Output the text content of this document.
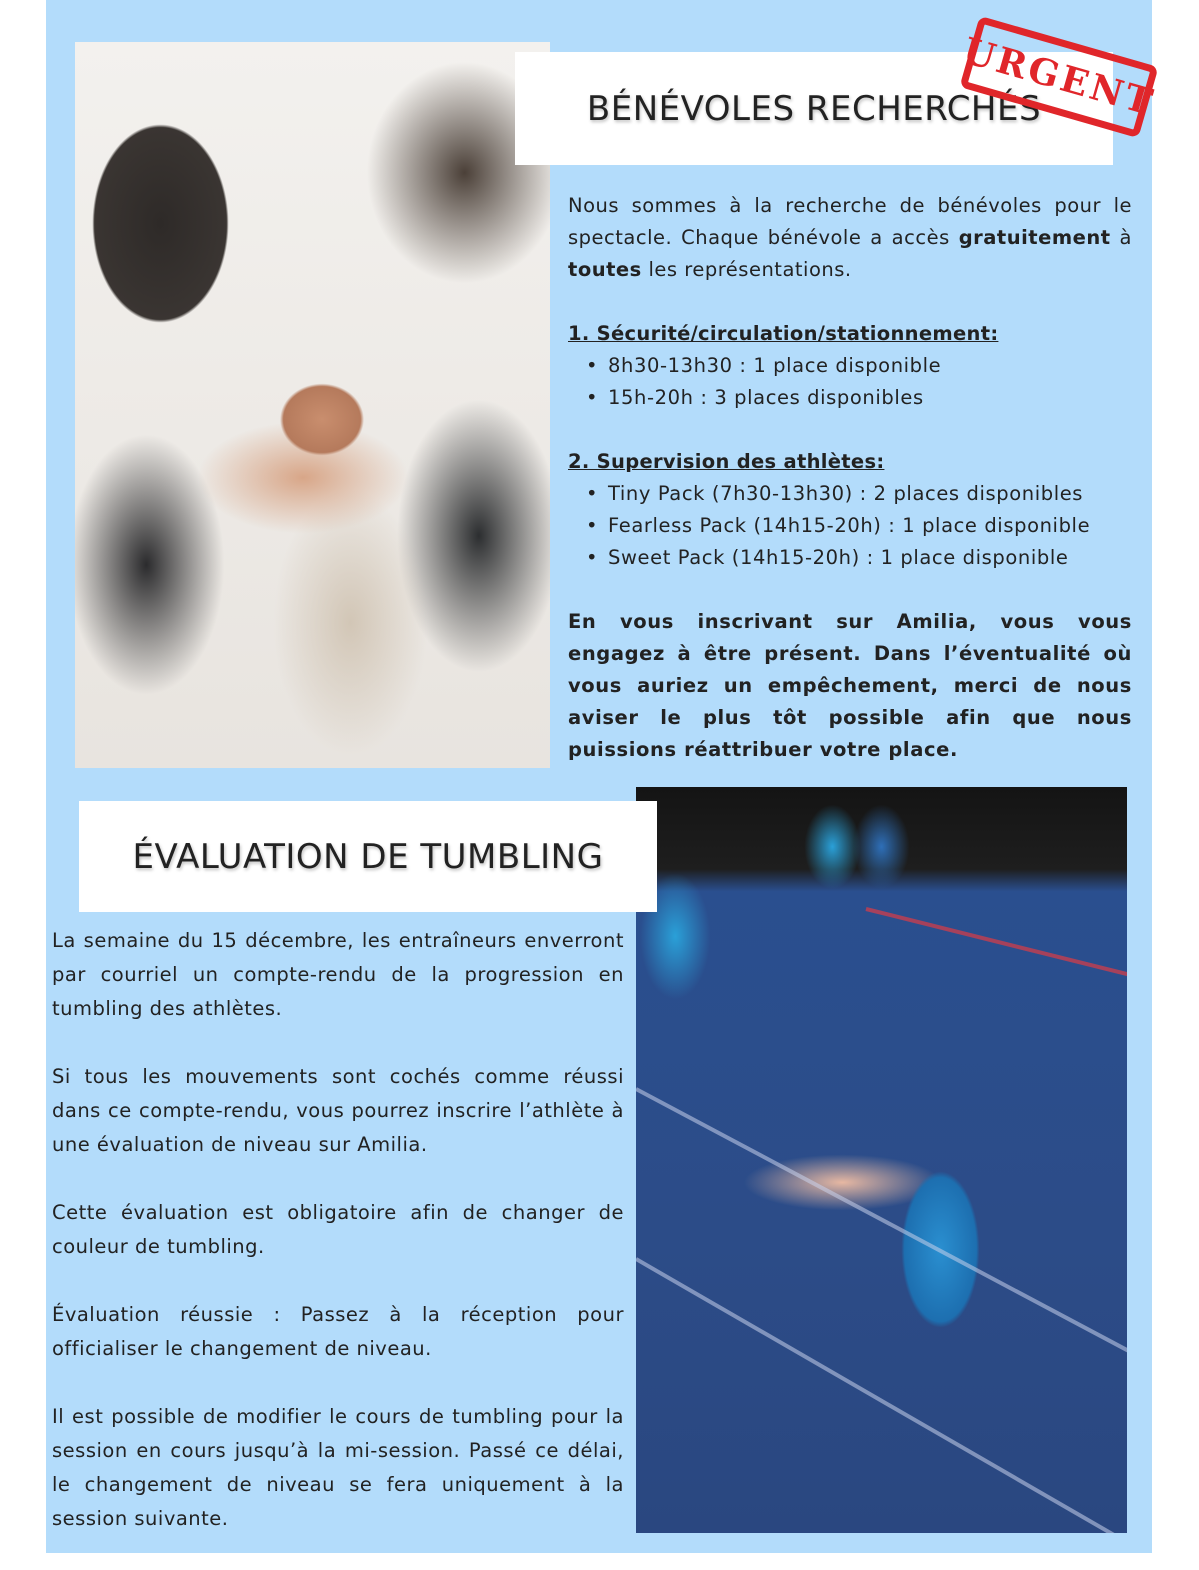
BÉNÉVOLES RECHERCHÉS
URGENT

Nous sommes à la recherche de bénévoles pour le spectacle. Chaque bénévole a accès gratuitement à toutes les représentations.

1. Sécurité/circulation/stationnement:
• 8h30-13h30 : 1 place disponible
• 15h-20h : 3 places disponibles
2. Supervision des athlètes:
• Tiny Pack (7h30-13h30) : 2 places disponibles
• Fearless Pack (14h15-20h) : 1 place disponible
• Sweet Pack (14h15-20h) : 1 place disponible

En vous inscrivant sur Amilia, vous vous engagez à être présent. Dans l’éventualité où vous auriez un empêchement, merci de nous aviser le plus tôt possible afin que nous puissions réattribuer votre place.

ÉVALUATION DE TUMBLING

La semaine du 15 décembre, les entraîneurs enverront par courriel un compte-rendu de la progression en tumbling des athlètes.

Si tous les mouvements sont cochés comme réussi dans ce compte-rendu, vous pourrez inscrire l’athlète à une évaluation de niveau sur Amilia.

Cette évaluation est obligatoire afin de changer de couleur de tumbling.

Évaluation réussie : Passez à la réception pour officialiser le changement de niveau.

Il est possible de modifier le cours de tumbling pour la session en cours jusqu’à la mi-session. Passé ce délai, le changement de niveau se fera uniquement à la session suivante.
